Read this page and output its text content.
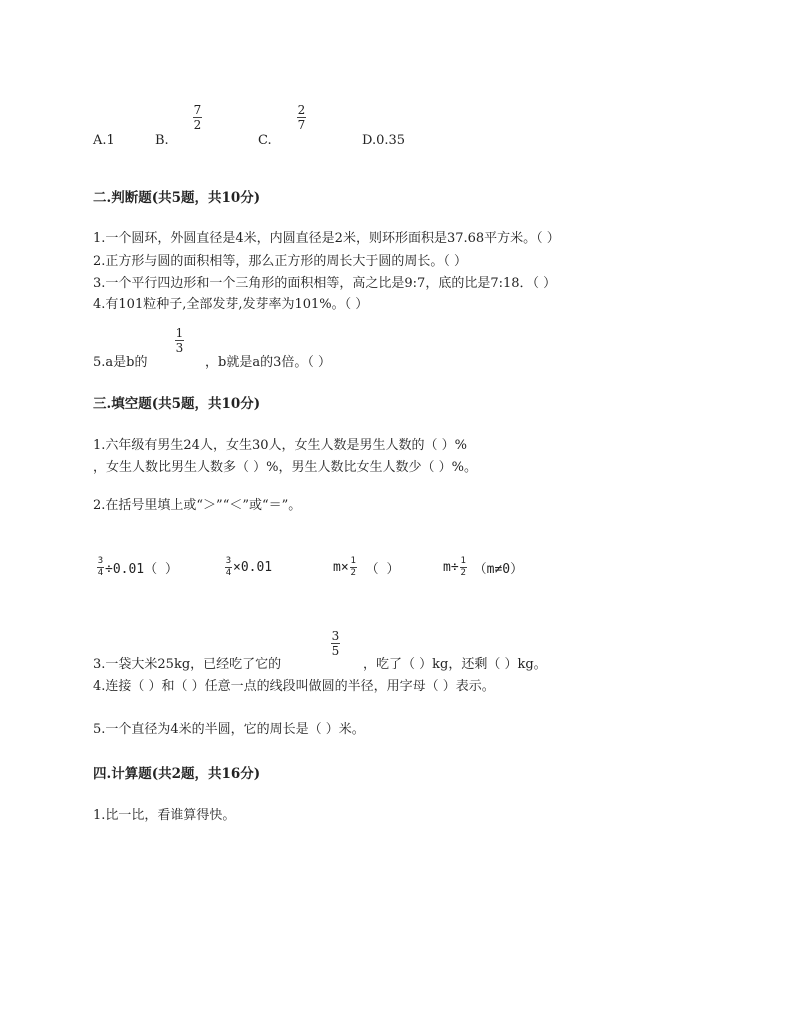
A.1	B.
7
2
C.
2
7
D.0.35
二.判断题(共5题，共10分)
1.一个圆环，外圆直径是4米，内圆直径是2米，则环形面积是37.68平方米。（ ）
2.正方形与圆的面积相等，那么正方形的周长大于圆的周长。（ ）
3.一个平行四边形和一个三角形的面积相等，高之比是9:7，底的比是7:18．（ ）
4.有101粒种子,全部发芽,发芽率为101%。（ ）
5.a是b的
1
3
，b就是a的3倍。（ ）
三.填空题(共5题，共10分)
1.六年级有男生24人，女生30人，女生人数是男生人数的（ ）%
，女生人数比男生人数多（ ）%，男生人数比女生人数少（ ）%。
2.在括号里填上或“＞”“＜”或“＝”。
3
4 ÷0.01（ ）
3
4 ×0.01	m× 1
2 （ ）	m÷ 1
2 （m≠0）
3.一袋大米25kg，已经吃了它的
3
5
，吃了（ ）kg，还剩（ ）kg。
4.连接（ ）和（ ）任意一点的线段叫做圆的半径，用字母（ ）表示。
5.一个直径为4米的半圆，它的周长是（ ）米。
四.计算题(共2题，共16分)
1.比一比，看谁算得快。
